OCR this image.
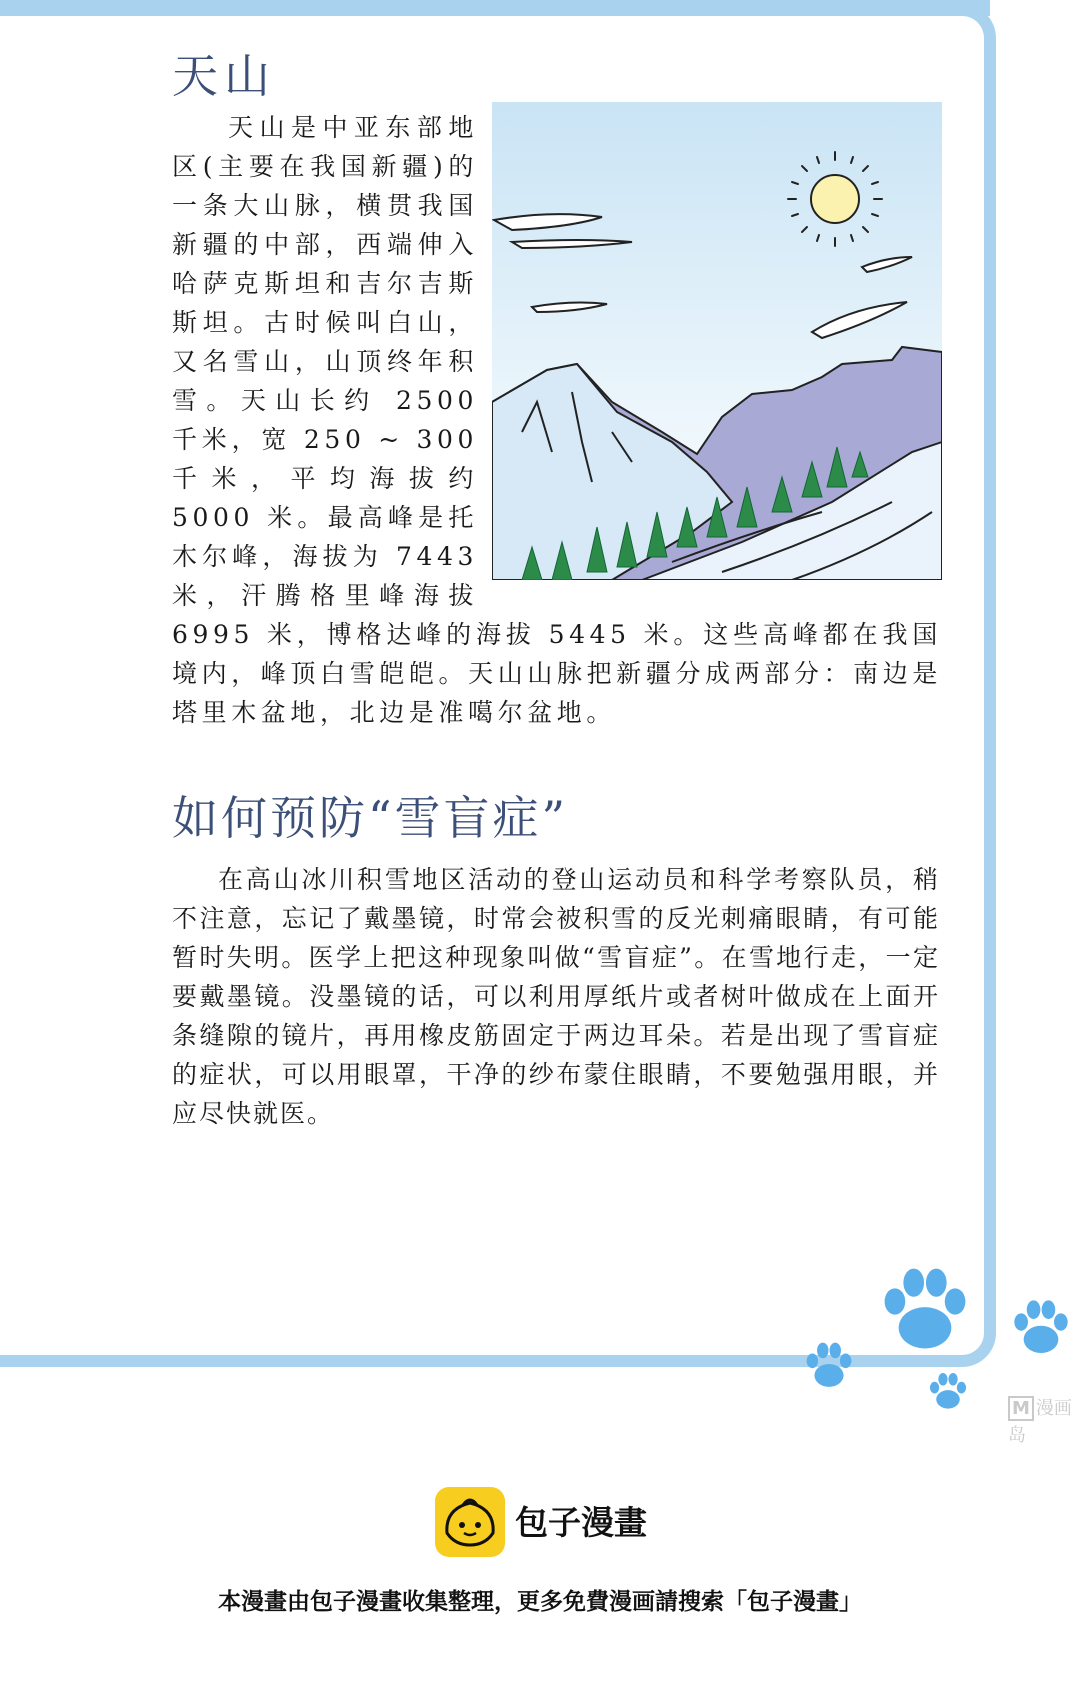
天山
天山是中亚东部地区(主要在我国新疆)的一条大山脉，横贯我国新疆的中部，西端伸入哈萨克斯坦和吉尔吉斯斯坦。古时候叫白山，又名雪山，山顶终年积雪。天山长约 2500 千米，宽 250 ~ 300 千米，平均海拔约 5000 米。最高峰是托木尔峰，海拔为 7443 米，汗腾格里峰海拔 6995 米，博格达峰的海拔 5445 米。这些高峰都在我国境内，峰顶白雪皑皑。天山山脉把新疆分成两部分：南边是塔里木盆地，北边是准噶尔盆地。
如何预防“雪盲症”

在高山冰川积雪地区活动的登山运动员和科学考察队员，稍不注意，忘记了戴墨镜，时常会被积雪的反光刺痛眼睛，有可能暂时失明。医学上把这种现象叫做“雪盲症”。在雪地行走，一定要戴墨镜。没墨镜的话，可以利用厚纸片或者树叶做成在上面开条缝隙的镜片，再用橡皮筋固定于两边耳朵。若是出现了雪盲症的症状，可以用眼罩，干净的纱布蒙住眼睛，不要勉强用眼，并应尽快就医。

M 漫画岛
包子漫畫
本漫畫由包子漫畫收集整理，更多免費漫画請搜索「包子漫畫」
